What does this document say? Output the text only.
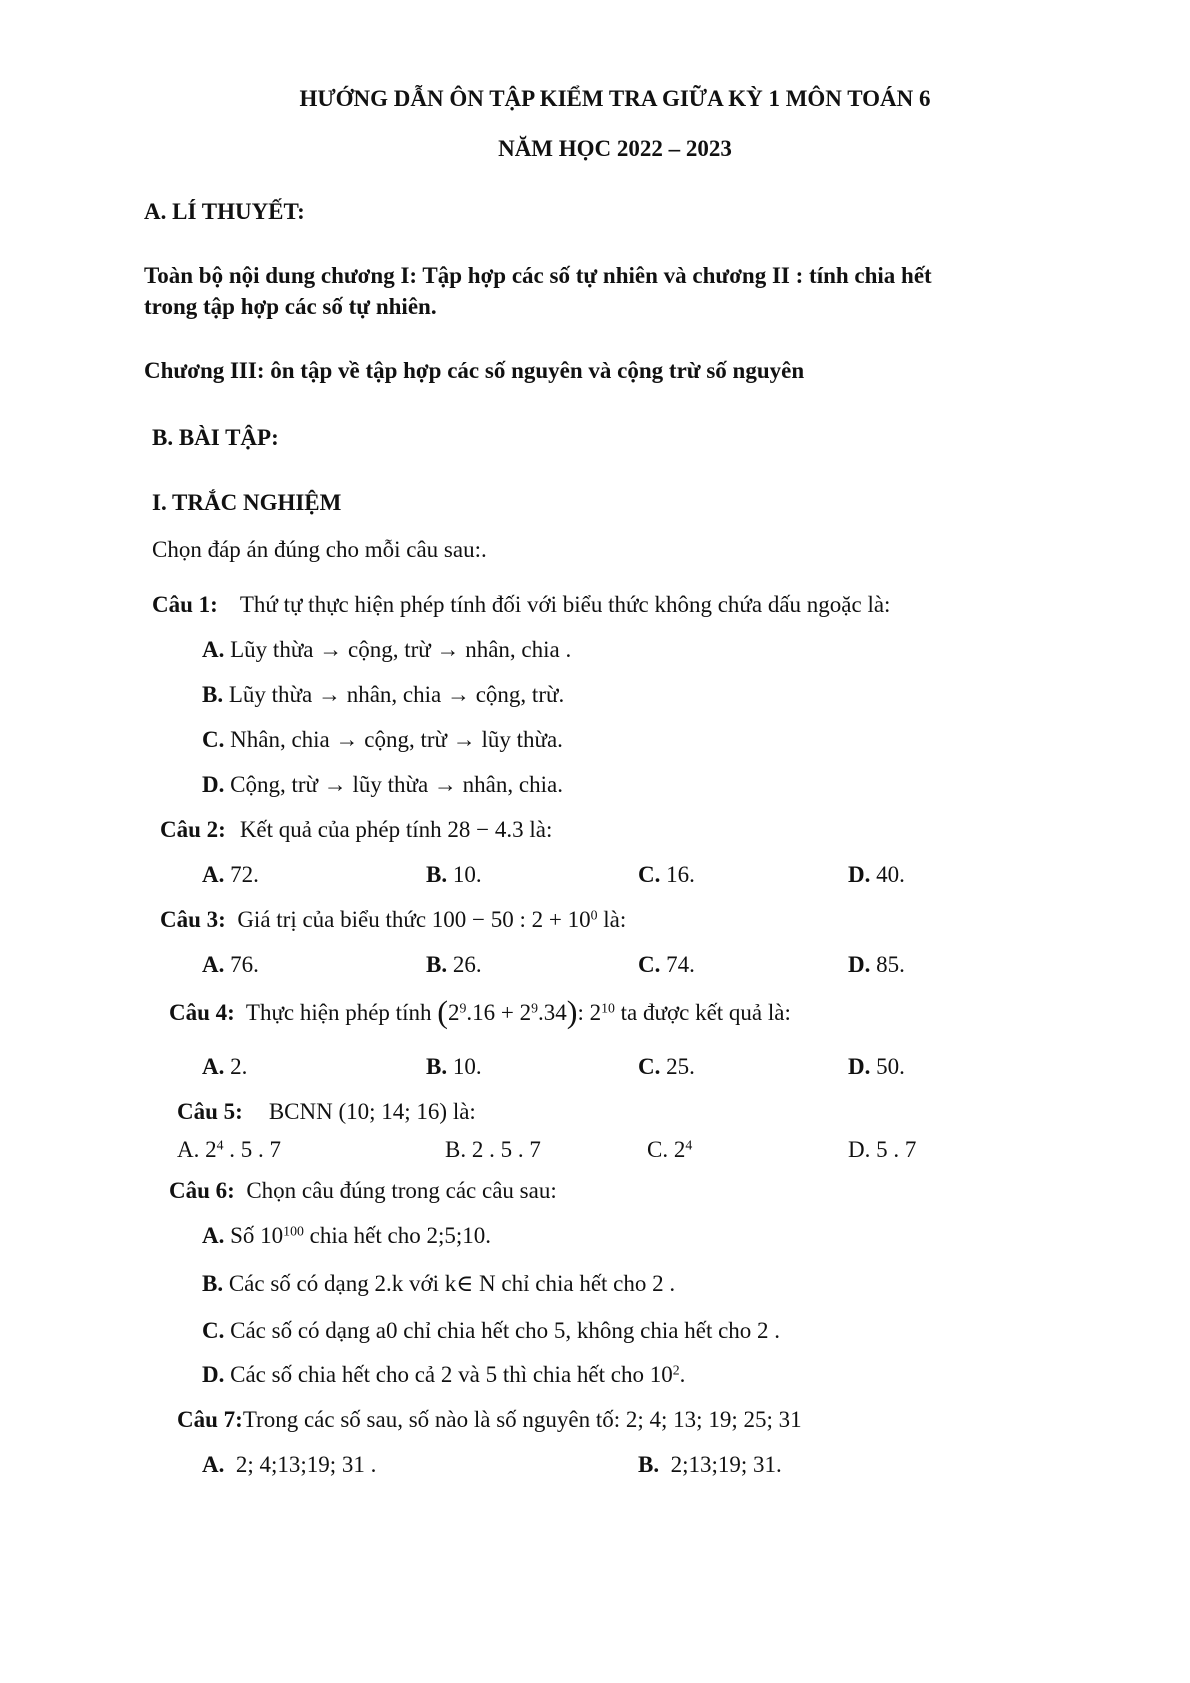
HƯỚNG DẪN ÔN TẬP KIỂM TRA GIỮA KỲ 1 MÔN TOÁN 6
NĂM HỌC 2022 – 2023
A. LÍ THUYẾT:
Toàn bộ nội dung chương I: Tập hợp các số tự nhiên và chương II : tính chia hết
trong tập hợp các số tự nhiên.
Chương III: ôn tập về tập hợp các số nguyên và cộng trừ số nguyên
B. BÀI TẬP:
I. TRẮC NGHIỆM
Chọn đáp án đúng cho mỗi câu sau:.
Câu 1: Thứ tự thực hiện phép tính đối với biểu thức không chứa dấu ngoặc là:
A. Lũy thừa → cộng, trừ → nhân, chia .
B. Lũy thừa → nhân, chia → cộng, trừ.
C. Nhân, chia → cộng, trừ → lũy thừa.
D. Cộng, trừ → lũy thừa → nhân, chia.
Câu 2: Kết quả của phép tính 28 − 4.3 là:
A. 72.	B. 10.	C. 16.	D. 40.
Câu 3: Giá trị của biểu thức 100 − 50 : $2 + 10^0$ là:
A. 76.	B. 26.	C. 74.	D. 85.
Câu 4: Thực hiện phép tính $(2^9.16 + 2^9.34)$: $2^{10}$ ta được kết quả là:
A. 2.	B. 10.	C. 25.	D. 50.
Câu 5: BCNN (10; 14; 16) là:
A. $2^4$ . 5 . 7	B. 2 . 5 . 7	C. $2^4$	D. 5 . 7
Câu 6: Chọn câu đúng trong các câu sau:
A. Số $10^{100}$ chia hết cho 2;5;10.
B. Các số có dạng 2.k với k∈ N chỉ chia hết cho 2 .
C. Các số có dạng a0 chỉ chia hết cho 5, không chia hết cho 2 .
D. Các số chia hết cho cả 2 và 5 thì chia hết cho $10^2$.
Câu 7:Trong các số sau, số nào là số nguyên tố: 2; 4; 13; 19; 25; 31
A. 2; 4;13;19; 31 .	B. 2;13;19; 31.
